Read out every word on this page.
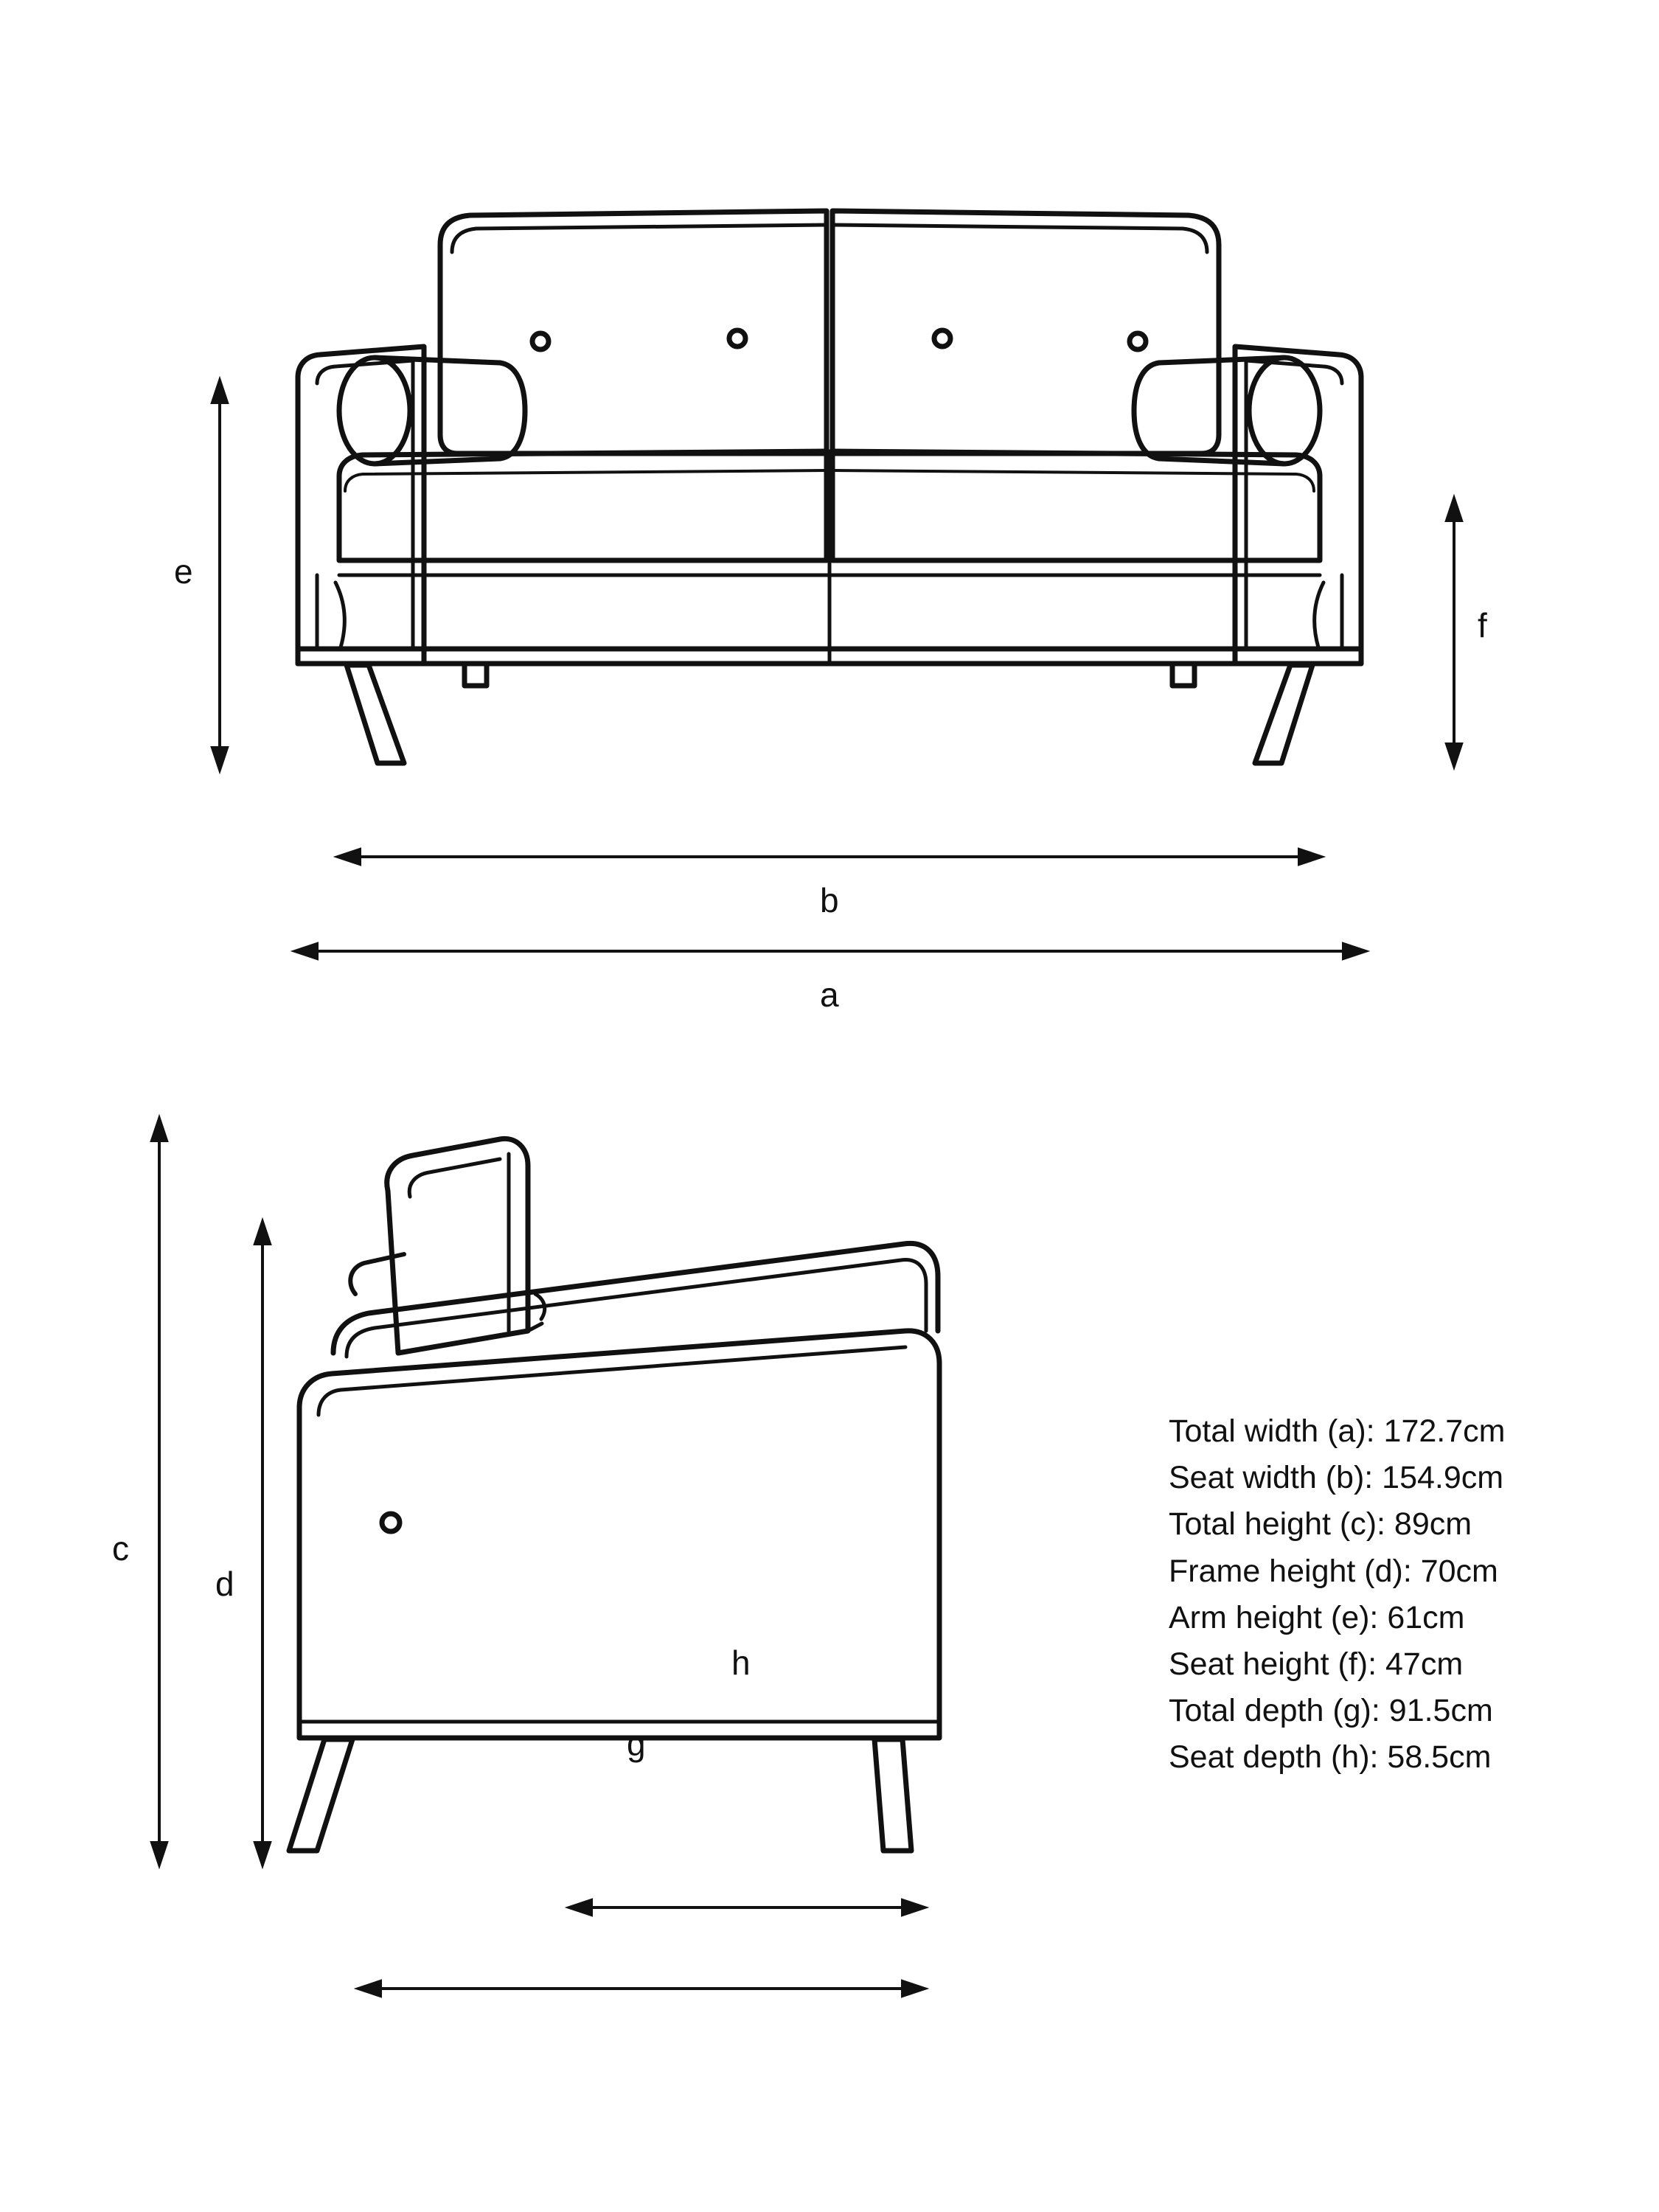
e
f
b
a
c
d
h
g
Total width (a): 172.7cm
Seat width (b): 154.9cm
Total height (c): 89cm
Frame height (d): 70cm
Arm height (e): 61cm
Seat height (f): 47cm
Total depth (g): 91.5cm
Seat depth (h): 58.5cm
